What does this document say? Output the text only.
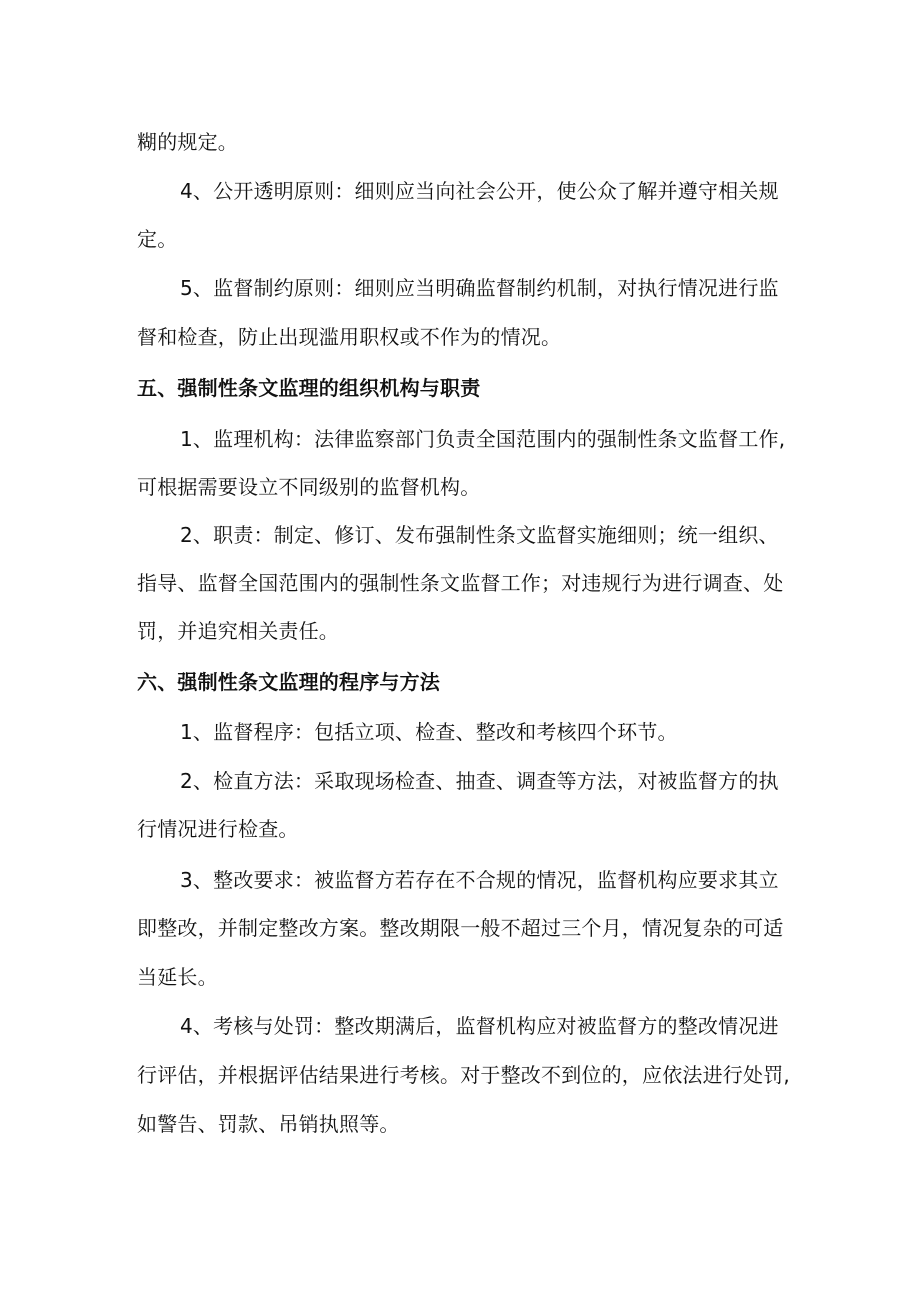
糊的规定。
4、公开透明原则：细则应当向社会公开，使公众了解并遵守相关规
定。
5、监督制约原则：细则应当明确监督制约机制，对执行情况进行监
督和检查，防止出现滥用职权或不作为的情况。
五、强制性条文监理的组织机构与职责
1、监理机构：法律监察部门负责全国范围内的强制性条文监督工作,
可根据需要设立不同级别的监督机构。
2、职责：制定、修订、发布强制性条文监督实施细则；统一组织、
指导、监督全国范围内的强制性条文监督工作；对违规行为进行调查、处
罚，并追究相关责任。
六、强制性条文监理的程序与方法
1、监督程序：包括立项、检查、整改和考核四个环节。
2、检直方法：采取现场检查、抽查、调查等方法，对被监督方的执
行情况进行检查。
3、整改要求：被监督方若存在不合规的情况，监督机构应要求其立
即整改，并制定整改方案。整改期限一般不超过三个月，情况复杂的可适
当延长。
4、考核与处罚：整改期满后，监督机构应对被监督方的整改情况进
行评估，并根据评估结果进行考核。对于整改不到位的，应依法进行处罚,
如警告、罚款、吊销执照等。
